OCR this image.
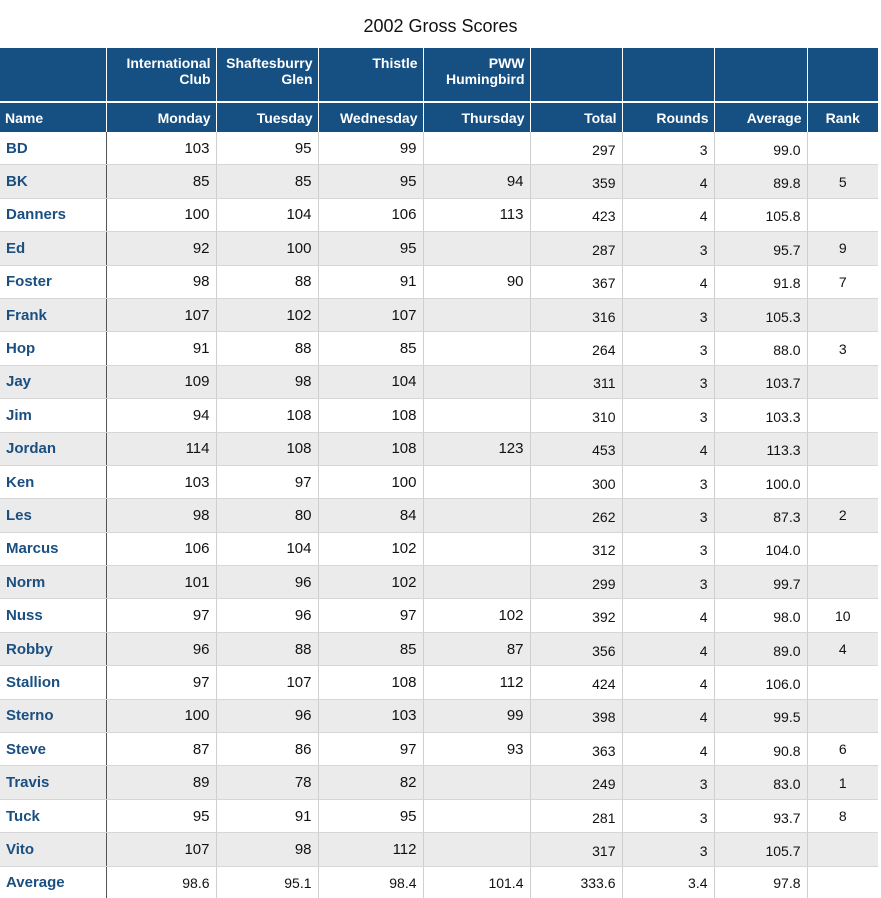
2002 Gross Scores
	International Club	Shaftesburry Glen	Thistle	PWW Humingbird				
Name	Monday	Tuesday	Wednesday	Thursday	Total	Rounds	Average	Rank
BD	103	95	99		297	3	99.0	
BK	85	85	95	94	359	4	89.8	5
Danners	100	104	106	113	423	4	105.8	
Ed	92	100	95		287	3	95.7	9
Foster	98	88	91	90	367	4	91.8	7
Frank	107	102	107		316	3	105.3	
Hop	91	88	85		264	3	88.0	3
Jay	109	98	104		311	3	103.7	
Jim	94	108	108		310	3	103.3	
Jordan	114	108	108	123	453	4	113.3	
Ken	103	97	100		300	3	100.0	
Les	98	80	84		262	3	87.3	2
Marcus	106	104	102		312	3	104.0	
Norm	101	96	102		299	3	99.7	
Nuss	97	96	97	102	392	4	98.0	10
Robby	96	88	85	87	356	4	89.0	4
Stallion	97	107	108	112	424	4	106.0	
Sterno	100	96	103	99	398	4	99.5	
Steve	87	86	97	93	363	4	90.8	6
Travis	89	78	82		249	3	83.0	1
Tuck	95	91	95		281	3	93.7	8
Vito	107	98	112		317	3	105.7	
Average	98.6	95.1	98.4	101.4	333.6	3.4	97.8	
